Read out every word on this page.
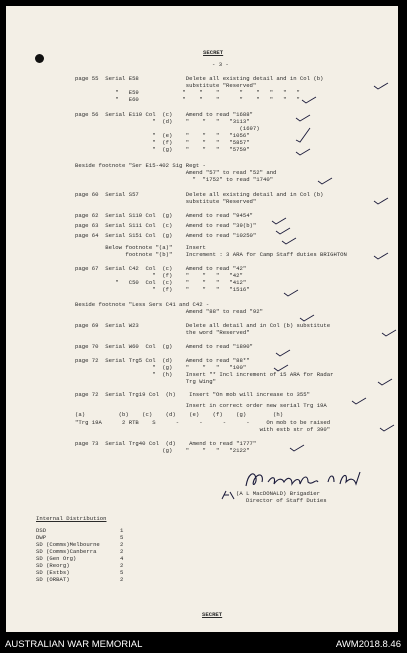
SECRET
- 3 -
page 55  Serial E58              Delete all existing detail and in Col (b)
substitute "Reserved"
"   E59             "    "    "      "    "   "   "   "
"   E60             "    "    "      "    "   "   "   "
page 56  Serial E110 Col  (c)    Amend to read "1688"
"  (d)    "    "   "   "3113"
(1697)
"  (e)    "    "   "   "1056"
"  (f)    "    "   "   "5857"
"  (g)    "    "   "   "5759"
Beside footnote "Ser E15-402 Sig Regt -
Amend "57" to read "52" and
"  "1752" to read "1740"
page 60  Serial S57              Delete all existing detail and in Col (b)
substitute "Reserved"
page 62  Serial S110 Col  (g)    Amend to read "9454"
page 63  Serial S111 Col  (c)    Amend to read "39(b)"
page 64  Serial S151 Col  (g)    Amend to read "10250"
Below footnote "(a)"    Insert
footnote "(b)"    Increment : 3 ARA for Camp Staff duties BRIGHTON
page 67  Serial C42  Col  (c)    Amend to read "42"
"  (f)    "    "   "   "42"
"   C50  Col  (c)    "    "   "   "412"
"  (f)    "    "   "   "1516"
Beside footnote "Less Sers C41 and C42 -
Amend "88" to read "92"
page 69  Serial W23              Delete all detail and in Col (b) substitute
the word "Reserved"
page 70  Serial W60  Col  (g)    Amend to read "1890"
page 72  Serial Trg5 Col  (d)    Amend to read "88*"
"  (g)    "    "   "   "100"
"  (h)    Insert "* Incl increment of 15 ARA for Radar
Trg Wing"
page 72  Serial Trg19 Col  (h)    Insert "On mob will increase to 355"
Insert in correct order new serial Trg 19A
(a)          (b)    (c)    (d)    (e)    (f)    (g)        (h)
"Trg 19A      2 RTB    S      -      -      -      -     On mob to be raised
with estb str of 390"
page 73  Serial Trg40 Col  (d)    Amend to read "1777"
(g)    "    "   "   "2122"
(A L MacDONALD) Brigadier
Director of Staff Duties
Internal Distribution
DSD	1
DWP	5
SD (Comms)Melbourne	2
SD (Comms)Canberra	2
SD (Gen Org)	4
SD (Reorg)	2
SD (Estbs)	5
SD (ORBAT)	2
SECRET
AUSTRALIAN WAR MEMORIAL	AWM2018.8.46
